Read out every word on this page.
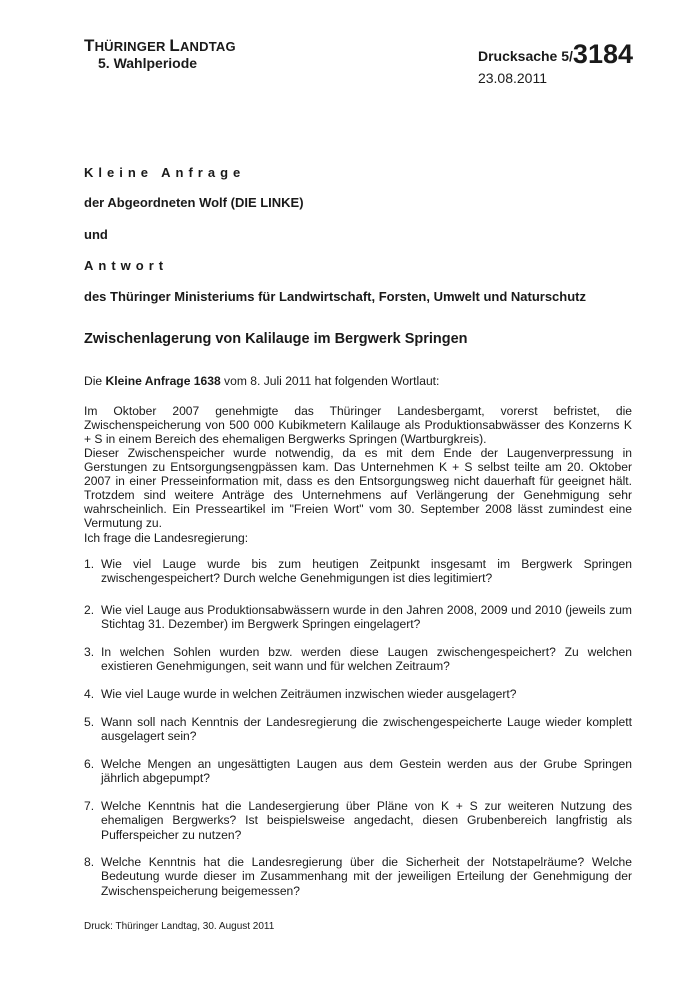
THÜRINGER LANDTAG
5. Wahlperiode	Drucksache 5/ 3184
23.08.2011
Kleine Anfrage
der Abgeordneten Wolf (DIE LINKE)
und
Antwort
des Thüringer Ministeriums für Landwirtschaft, Forsten, Umwelt und Naturschutz
Zwischenlagerung von Kalilauge im Bergwerk Springen
Die Kleine Anfrage 1638 vom 8. Juli 2011 hat folgenden Wortlaut:

Im Oktober 2007 genehmigte das Thüringer Landesbergamt, vorerst befristet, die Zwischenspeicherung von 500 000 Kubikmetern Kalilauge als Produktionsabwässer des Konzerns K + S in einem Bereich des ehemaligen Bergwerks Springen (Wartburgkreis).

Dieser Zwischenspeicher wurde notwendig, da es mit dem Ende der Laugenverpressung in Gerstungen zu Entsorgungsengpässen kam. Das Unternehmen K + S selbst teilte am 20. Oktober 2007 in einer Presseinformation mit, dass es den Entsorgungsweg nicht dauerhaft für geeignet hält. Trotzdem sind weitere Anträge des Unternehmens auf Verlängerung der Genehmigung sehr wahrscheinlich. Ein Presseartikel im "Freien Wort" vom 30. September 2008 lässt zumindest eine Vermutung zu.

Ich frage die Landesregierung:
1. Wie viel Lauge wurde bis zum heutigen Zeitpunkt insgesamt im Bergwerk Springen zwischengespeichert? Durch welche Genehmigungen ist dies legitimiert?
2. Wie viel Lauge aus Produktionsabwässern wurde in den Jahren 2008, 2009 und 2010 (jeweils zum Stichtag 31. Dezember) im Bergwerk Springen eingelagert?
3. In welchen Sohlen wurden bzw. werden diese Laugen zwischengespeichert? Zu welchen existieren Genehmigungen, seit wann und für welchen Zeitraum?
4. Wie viel Lauge wurde in welchen Zeiträumen inzwischen wieder ausgelagert?
5. Wann soll nach Kenntnis der Landesregierung die zwischengespeicherte Lauge wieder komplett ausgelagert sein?
6. Welche Mengen an ungesättigten Laugen aus dem Gestein werden aus der Grube Springen jährlich abgepumpt?
7. Welche Kenntnis hat die Landesergierung über Pläne von K + S zur weiteren Nutzung des ehemaligen Bergwerks? Ist beispielsweise angedacht, diesen Grubenbereich langfristig als Pufferspeicher zu nutzen?
8. Welche Kenntnis hat die Landesregierung über die Sicherheit der Notstapelräume? Welche Bedeutung wurde dieser im Zusammenhang mit der jeweiligen Erteilung der Genehmigung der Zwischenspeicherung beigemessen?
Druck: Thüringer Landtag, 30. August 2011
